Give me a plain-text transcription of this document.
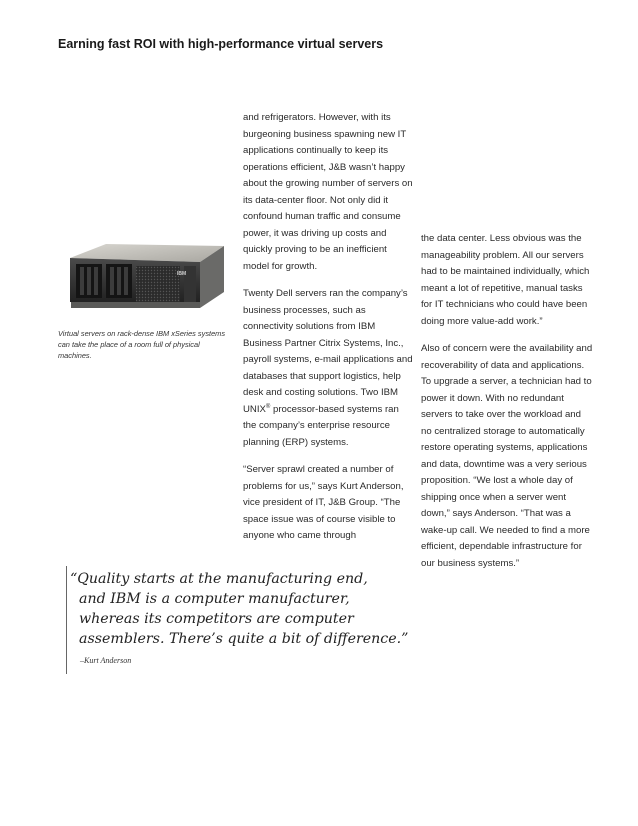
Earning fast ROI with high-performance virtual servers
IBM
Virtual servers on rack-dense IBM xSeries systems can take the place of a room full of physical machines.

and refrigerators. However, with its burgeoning business spawning new IT applications continually to keep its operations efficient, J&B wasn’t happy about the growing number of servers on its data-center floor. Not only did it confound human traffic and consume power, it was driving up costs and quickly proving to be an inefficient model for growth.

Twenty Dell servers ran the company’s business processes, such as connectivity solutions from IBM Business Partner Citrix Systems, Inc., payroll systems, e-mail applications and databases that support logistics, help desk and costing solutions. Two IBM UNIX® processor-based systems ran the company’s enterprise resource planning (ERP) systems.

“Server sprawl created a number of problems for us,” says Kurt Anderson, vice president of IT, J&B Group. “The space issue was of course visible to anyone who came through

the data center. Less obvious was the manageability problem. All our servers had to be maintained individually, which meant a lot of repetitive, manual tasks for IT technicians who could have been doing more value-add work.”

Also of concern were the availability and recoverability of data and applications. To upgrade a server, a technician had to power it down. With no redundant servers to take over the workload and no centralized storage to automatically restore operating systems, applications and data, downtime was a very serious proposition. “We lost a whole day of shipping once when a server went down,” says Anderson. “That was a wake-up call. We needed to find a more efficient, dependable infrastructure for our business systems.”

“Quality starts at the manufacturing end,
and IBM is a computer manufacturer,
whereas its competitors are computer
assemblers. There’s quite a bit of difference.”
–Kurt Anderson
